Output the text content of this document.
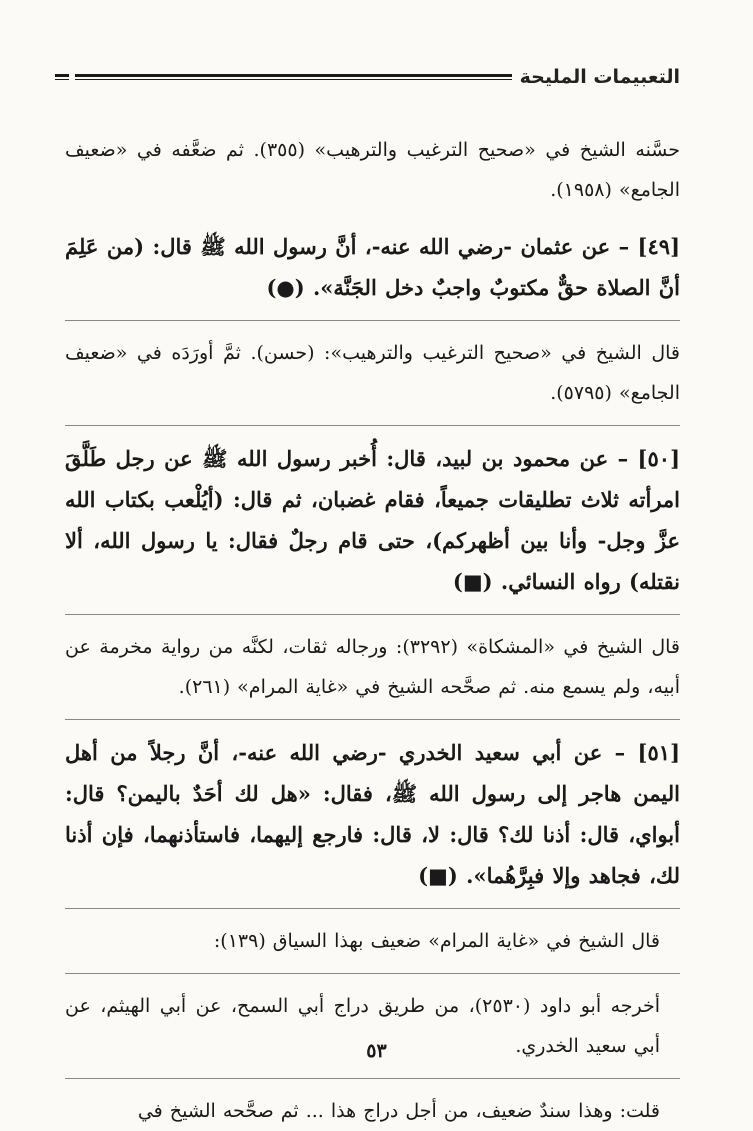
التعبيمات المليحة

حسَّنه الشيخ في «صحيح الترغيب والترهيب» (٣٥٥). ثم ضعَّفه في «ضعيف الجامع» (١٩٥٨).

[٤٩] – عن عثمان -رضي الله عنه-، أنَّ رسول الله ﷺ قال: (من عَلِمَ أنَّ الصلاة حقٌّ مكتوبٌ واجبٌ دخل الجَنَّة». (●)

قال الشيخ في «صحيح الترغيب والترهيب»: (حسن). ثمَّ أورَدَه في «ضعيف الجامع» (٥٧٩٥).

[٥٠] – عن محمود بن لبيد، قال: أُخبر رسول الله ﷺ عن رجل طَلَّقَ امرأته ثلاث تطليقات جميعاً، فقام غضبان، ثم قال: (أيُلْعب بكتاب الله عزَّ وجل- وأنا بين أظهركم)، حتى قام رجلٌ فقال: يا رسول الله، ألا نقتله) رواه النسائي. (■)

قال الشيخ في «المشكاة» (٣٢٩٢): ورجاله ثقات، لكنَّه من رواية مخرمة عن أبيه، ولم يسمع منه. ثم صحَّحه الشيخ في «غاية المرام» (٢٦١).

[٥١] – عن أبي سعيد الخدري -رضي الله عنه-، أنَّ رجلاً من أهل اليمن هاجر إلى رسول الله ﷺ، فقال: «هل لك أحَدٌ باليمن؟ قال: أبواي، قال: أذنا لك؟ قال: لا، قال: فارجع إليهما، فاستأذنهما، فإن أذنا لك، فجاهد وإلا فبِرَّهُما». (■)

قال الشيخ في «غاية المرام» ضعيف بهذا السياق (١٣٩):

أخرجه أبو داود (٢٥٣٠)، من طريق دراج أبي السمح، عن أبي الهيثم، عن أبي سعيد الخدري.

قلت: وهذا سندٌ ضعيف، من أجل دراج هذا ... ثم صحَّحه الشيخ في

٥٣
